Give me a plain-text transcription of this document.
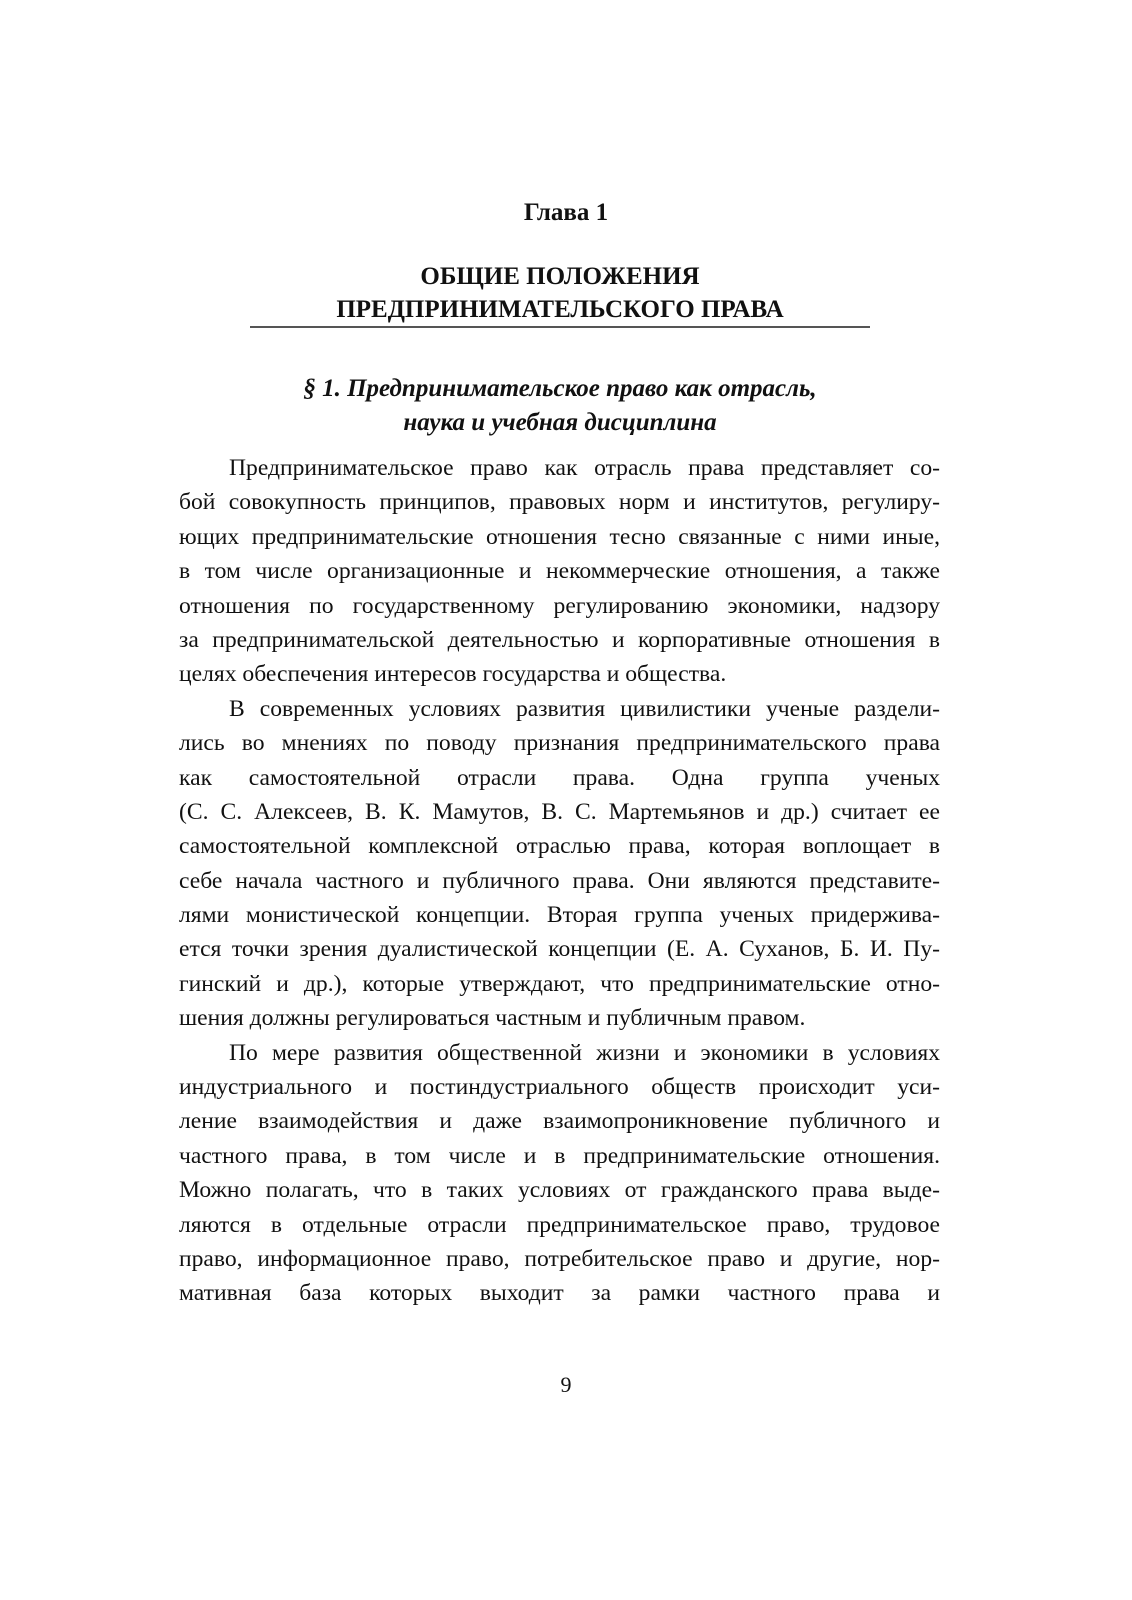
Глава 1
ОБЩИЕ ПОЛОЖЕНИЯ
ПРЕДПРИНИМАТЕЛЬСКОГО ПРАВА
§ 1. Предпринимательское право как отрасль,
наука и учебная дисциплина
Предпринимательское право как отрасль права представляет со-
бой совокупность принципов, правовых норм и институтов, регулиру-
ющих предпринимательские отношения тесно связанные с ними иные,
в том числе организационные и некоммерческие отношения, а также
отношения по государственному регулированию экономики, надзору
за предпринимательской деятельностью и корпоративные отношения в
целях обеспечения интересов государства и общества.
В современных условиях развития цивилистики ученые раздели-
лись во мнениях по поводу признания предпринимательского права
как самостоятельной отрасли права. Одна группа ученых
(С. С. Алексеев, В. К. Мамутов, В. С. Мартемьянов и др.) считает ее
самостоятельной комплексной отраслью права, которая воплощает в
себе начала частного и публичного права. Они являются представите-
лями монистической концепции. Вторая группа ученых придержива-
ется точки зрения дуалистической концепции (Е. А. Суханов, Б. И. Пу-
гинский и др.), которые утверждают, что предпринимательские отно-
шения должны регулироваться частным и публичным правом.
По мере развития общественной жизни и экономики в условиях
индустриального и постиндустриального обществ происходит уси-
ление взаимодействия и даже взаимопроникновение публичного и
частного права, в том числе и в предпринимательские отношения.
Можно полагать, что в таких условиях от гражданского права выде-
ляются в отдельные отрасли предпринимательское право, трудовое
право, информационное право, потребительское право и другие, нор-
мативная база которых выходит за рамки частного права и
9
